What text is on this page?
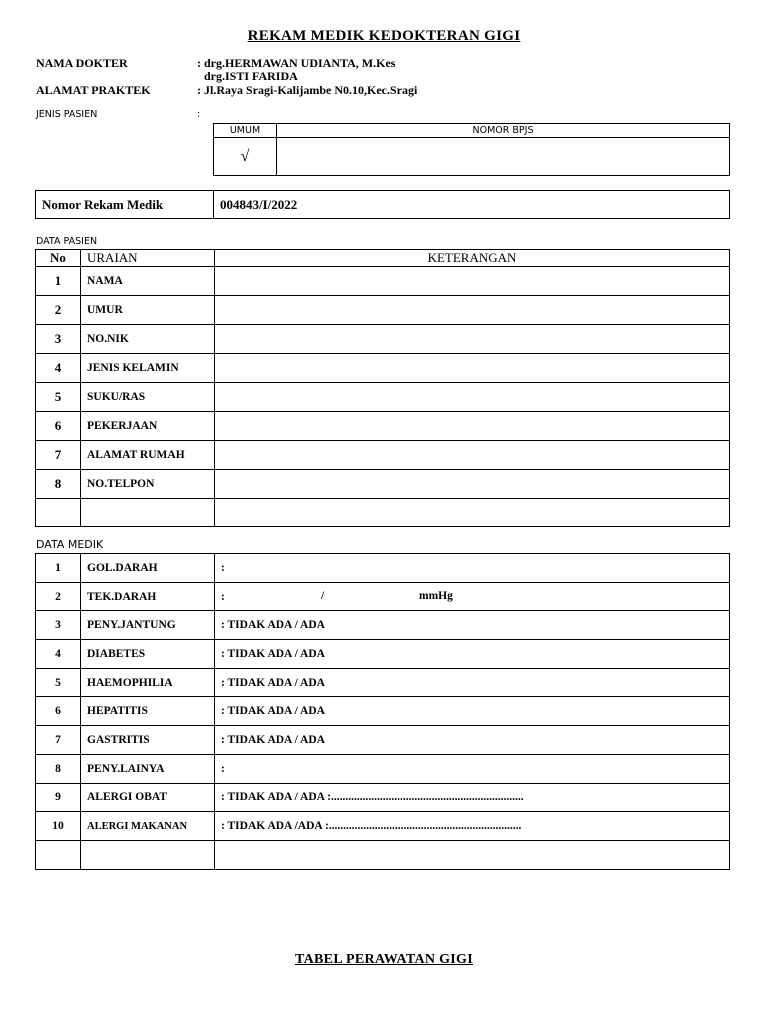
REKAM MEDIK KEDOKTERAN GIGI
NAMA DOKTER	: drg.HERMAWAN UDIANTA, M.Kes
drg.ISTI FARIDA
ALAMAT PRAKTEK	: Jl.Raya Sragi-Kalijambe N0.10,Kec.Sragi
JENIS PASIEN	:
UMUM	NOMOR BPJS
√	
Nomor Rekam Medik	004843/I/2022
DATA PASIEN
No	URAIAN	KETERANGAN
1	NAMA	
2	UMUR	
3	NO.NIK	
4	JENIS KELAMIN	
5	SUKU/RAS	
6	PEKERJAAN	
7	ALAMAT RUMAH	
8	NO.TELPON	

DATA MEDIK
1	GOL.DARAH	:
2	TEK.DARAH	: / mmHg

3	PENY.JANTUNG	: TIDAK ADA / ADA
4	DIABETES	: TIDAK ADA / ADA
5	HAEMOPHILIA	: TIDAK ADA / ADA
6	HEPATITIS	: TIDAK ADA / ADA
7	GASTRITIS	: TIDAK ADA / ADA
8	PENY.LAINYA	:
9	ALERGI OBAT	: TIDAK ADA / ADA :...................................................................
10	ALERGI MAKANAN	: TIDAK ADA /ADA :...................................................................

TABEL PERAWATAN GIGI
